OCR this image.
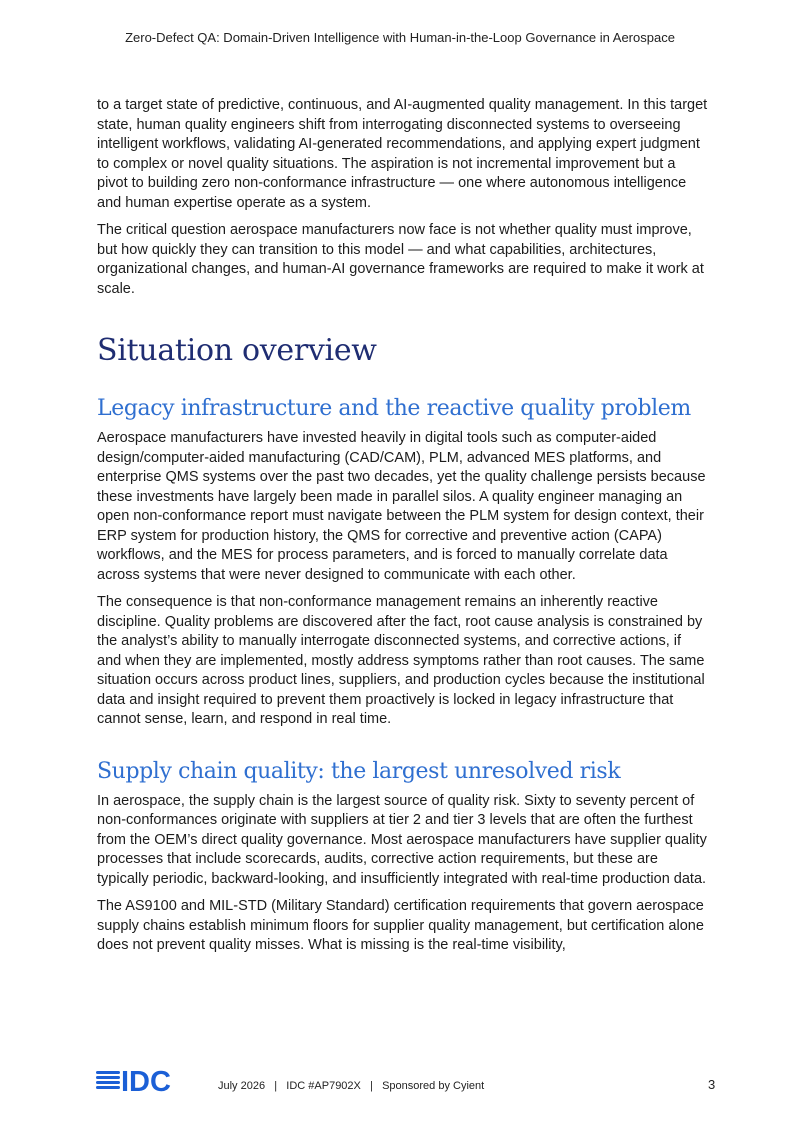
Zero-Defect QA: Domain-Driven Intelligence with Human-in-the-Loop Governance in Aerospace

to a target state of predictive, continuous, and AI-augmented quality management. In this target state, human quality engineers shift from interrogating disconnected systems to overseeing intelligent workflows, validating AI-generated recommendations, and applying expert judgment to complex or novel quality situations. The aspiration is not incremental improvement but a pivot to building zero non-conformance infrastructure — one where autonomous intelligence and human expertise operate as a system.

The critical question aerospace manufacturers now face is not whether quality must improve, but how quickly they can transition to this model — and what capabilities, architectures, organizational changes, and human-AI governance frameworks are required to make it work at scale.

Situation overview
Legacy infrastructure and the reactive quality problem

Aerospace manufacturers have invested heavily in digital tools such as computer-aided design/computer-aided manufacturing (CAD/CAM), PLM, advanced MES platforms, and enterprise QMS systems over the past two decades, yet the quality challenge persists because these investments have largely been made in parallel silos. A quality engineer managing an open non-conformance report must navigate between the PLM system for design context, their ERP system for production history, the QMS for corrective and preventive action (CAPA) workflows, and the MES for process parameters, and is forced to manually correlate data across systems that were never designed to communicate with each other.

The consequence is that non-conformance management remains an inherently reactive discipline. Quality problems are discovered after the fact, root cause analysis is constrained by the analyst’s ability to manually interrogate disconnected systems, and corrective actions, if and when they are implemented, mostly address symptoms rather than root causes. The same situation occurs across product lines, suppliers, and production cycles because the institutional data and insight required to prevent them proactively is locked in legacy infrastructure that cannot sense, learn, and respond in real time.

Supply chain quality: the largest unresolved risk

In aerospace, the supply chain is the largest source of quality risk. Sixty to seventy percent of non-conformances originate with suppliers at tier 2 and tier 3 levels that are often the furthest from the OEM’s direct quality governance. Most aerospace manufacturers have supplier quality processes that include scorecards, audits, corrective action requirements, but these are typically periodic, backward-looking, and insufficiently integrated with real-time production data.

The AS9100 and MIL-STD (Military Standard) certification requirements that govern aerospace supply chains establish minimum floors for supplier quality management, but certification alone does not prevent quality misses. What is missing is the real-time visibility,

IDC	July 2026   |   IDC #AP7902X   |   Sponsored by Cyient	3
